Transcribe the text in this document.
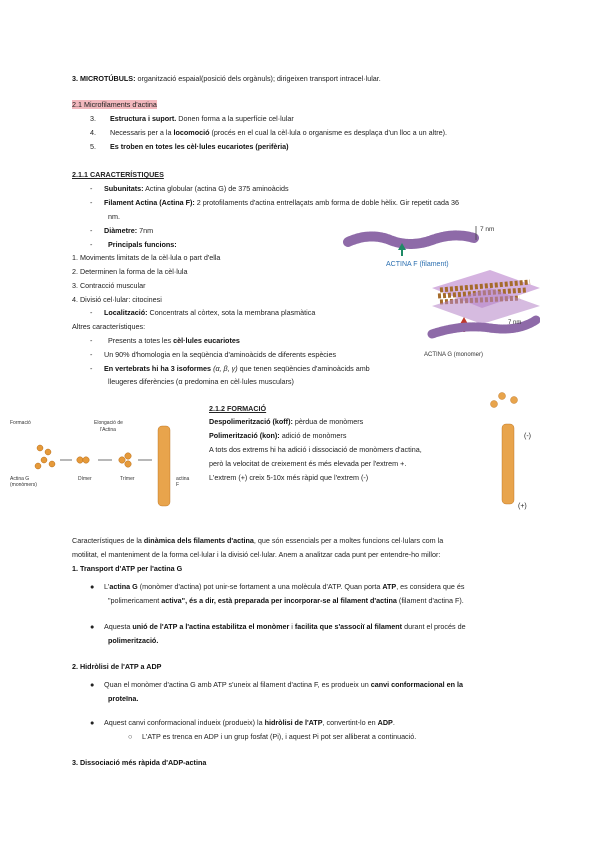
3. MICROTÚBULS: organització espaial(posició dels orgànuls); dirigeixen transport intracel·lular.
2.1 Microfilaments d'actina
3. Estructura i suport. Donen forma a la superfície cel·lular
4. Necessaris per a la locomoció (procés en el cual la cèl·lula o organisme es desplaça d'un lloc a un altre).
5. Es troben en totes les cèl·lules eucariotes (perifèria)
2.1.1 CARACTERÍSTIQUES
- Subunitats: Actina globular (actina G) de 375 aminoàcids
- Filament Actina (Actina F): 2 protofilaments d'actina entrellaçats amb forma de doble hèlix. Gir repetit cada 36
nm.
- Diàmetre: 7nm
- Principals funcions:
1. Moviments limitats de la cèl·lula o part d'ella
2. Determinen la forma de la cèl·lula
3. Contracció muscular
4. Divisió cel·lular: citocinesi
- Localització: Concentrats al còrtex, sota la membrana plasmàtica
Altres característiques:
- Presents a totes les cèl·lules eucariotes
- Un 90% d'homologia en la seqüència d'aminoàcids de diferents espècies
- En vertebrats hi ha 3 isoformes (α, β, γ) que tenen seqüències d'aminoàcids amb
lleugeres diferències (α predomina en cèl·lules musculars)
7 nm
ACTINA F (filament)
7 nm
ACTINA G (monomer)
2.1.2 FORMACIÓ
Despolimerització (koff): pèrdua de monòmers
Polimerització (kon): adició de monòmers
A tots dos extrems hi ha adició i dissociació de monòmers d'actina,
però la velocitat de creixement és més elevada per l'extrem +.
L'extrem (+) creix 5-10x més ràpid que l'extrem (-)
Formació	Elongació de
l'Actina
Actina G
(monòmers)
Dímer	Trímer	actina
F
(-)
(+)
Característiques de la dinàmica dels filaments d'actina, que són essencials per a moltes funcions cel·lulars com la
motilitat, el manteniment de la forma cel·lular i la divisió cel·lular. Anem a analitzar cada punt per entendre-ho millor:
1. Transport d'ATP per l'actina G
● L'actina G (monòmer d'actina) pot unir-se fortament a una molècula d'ATP. Quan porta ATP, es considera que és
"polimericament activa", és a dir, està preparada per incorporar-se al filament d'actina (filament d'actina F).
● Aquesta unió de l'ATP a l'actina estabilitza el monòmer i facilita que s'associï al filament durant el procés de
polimerització.
2. Hidròlisi de l'ATP a ADP
● Quan el monòmer d'actina G amb ATP s'uneix al filament d'actina F, es produeix un canvi conformacional en la
proteïna.
● Aquest canvi conformacional indueix (produeix) la hidròlisi de l'ATP, convertint-lo en ADP.
○ L'ATP es trenca en ADP i un grup fosfat (Pi), i aquest Pi pot ser alliberat a continuació.
3. Dissociació més ràpida d'ADP-actina
